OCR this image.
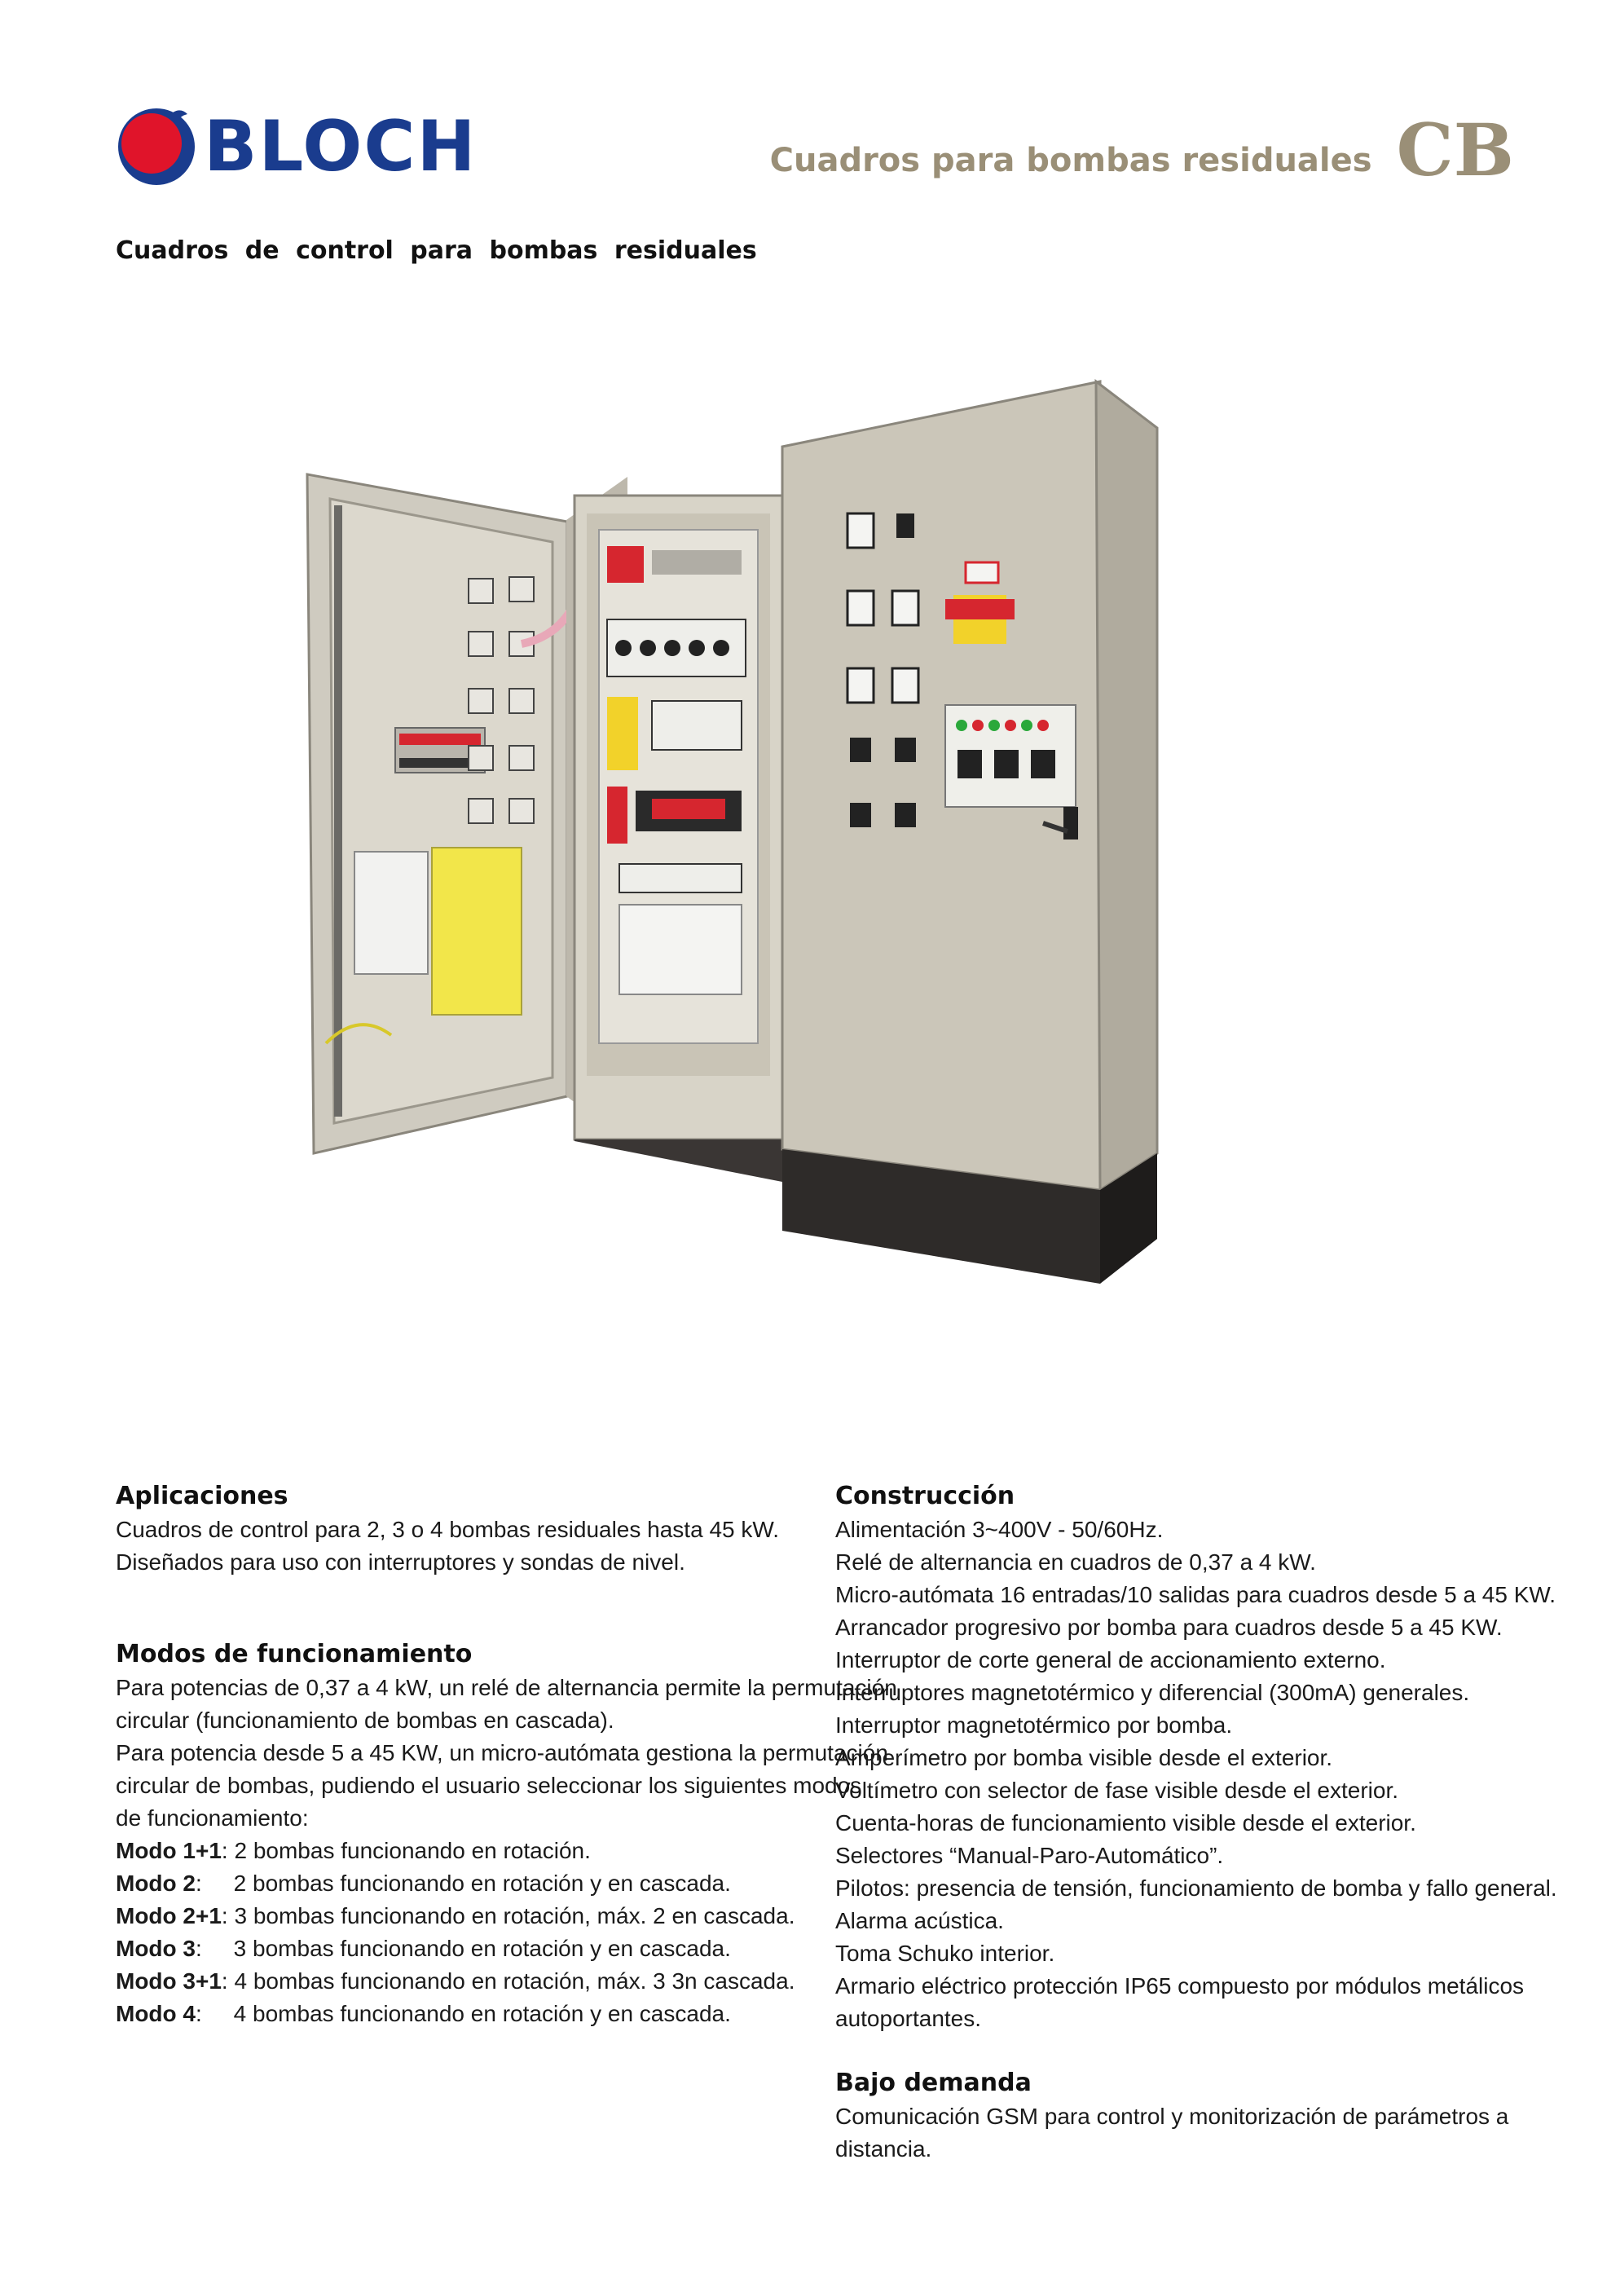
BLOCH	Cuadros para bombas residuales CB
Cuadros de control para bombas residuales
Aplicaciones

Cuadros de control para 2, 3 o 4 bombas residuales hasta 45 kW.
Diseñados para uso con interruptores y sondas de nivel.

Modos de funcionamiento

Para potencias de 0,37 a 4 kW, un relé de alternancia permite la permutación
circular (funcionamiento de bombas en cascada).
Para potencia desde 5 a 45 KW, un micro-autómata gestiona la permutación
circular de bombas, pudiendo el usuario seleccionar los siguientes modos
de funcionamiento:

Modo 1+1 : 2 bombas funcionando en rotación.
Modo 2 :     2 bombas funcionando en rotación y en cascada.
Modo 2+1 : 3 bombas funcionando en rotación, máx. 2 en cascada.
Modo 3 :     3 bombas funcionando en rotación y en cascada.
Modo 3+1 : 4 bombas funcionando en rotación, máx. 3 3n cascada.
Modo 4 :     4 bombas funcionando en rotación y en cascada.
Construcción

Alimentación 3~400V - 50/60Hz.
Relé de alternancia en cuadros de 0,37 a 4 kW.
Micro-autómata 16 entradas/10 salidas para cuadros desde 5 a 45 KW.
Arrancador progresivo por bomba para cuadros desde 5 a 45 KW.
Interruptor de corte general de accionamiento externo.
Interruptores magnetotérmico y diferencial (300mA) generales.
Interruptor magnetotérmico por bomba.
Amperímetro por bomba visible desde el exterior.
Voltímetro con selector de fase visible desde el exterior.
Cuenta-horas de funcionamiento visible desde el exterior.
Selectores “Manual-Paro-Automático”.
Pilotos: presencia de tensión, funcionamiento de bomba y fallo general.
Alarma acústica.
Toma Schuko interior.
Armario eléctrico protección IP65 compuesto por módulos metálicos
autoportantes.

Bajo demanda

Comunicación GSM para control y monitorización de parámetros a
distancia.
